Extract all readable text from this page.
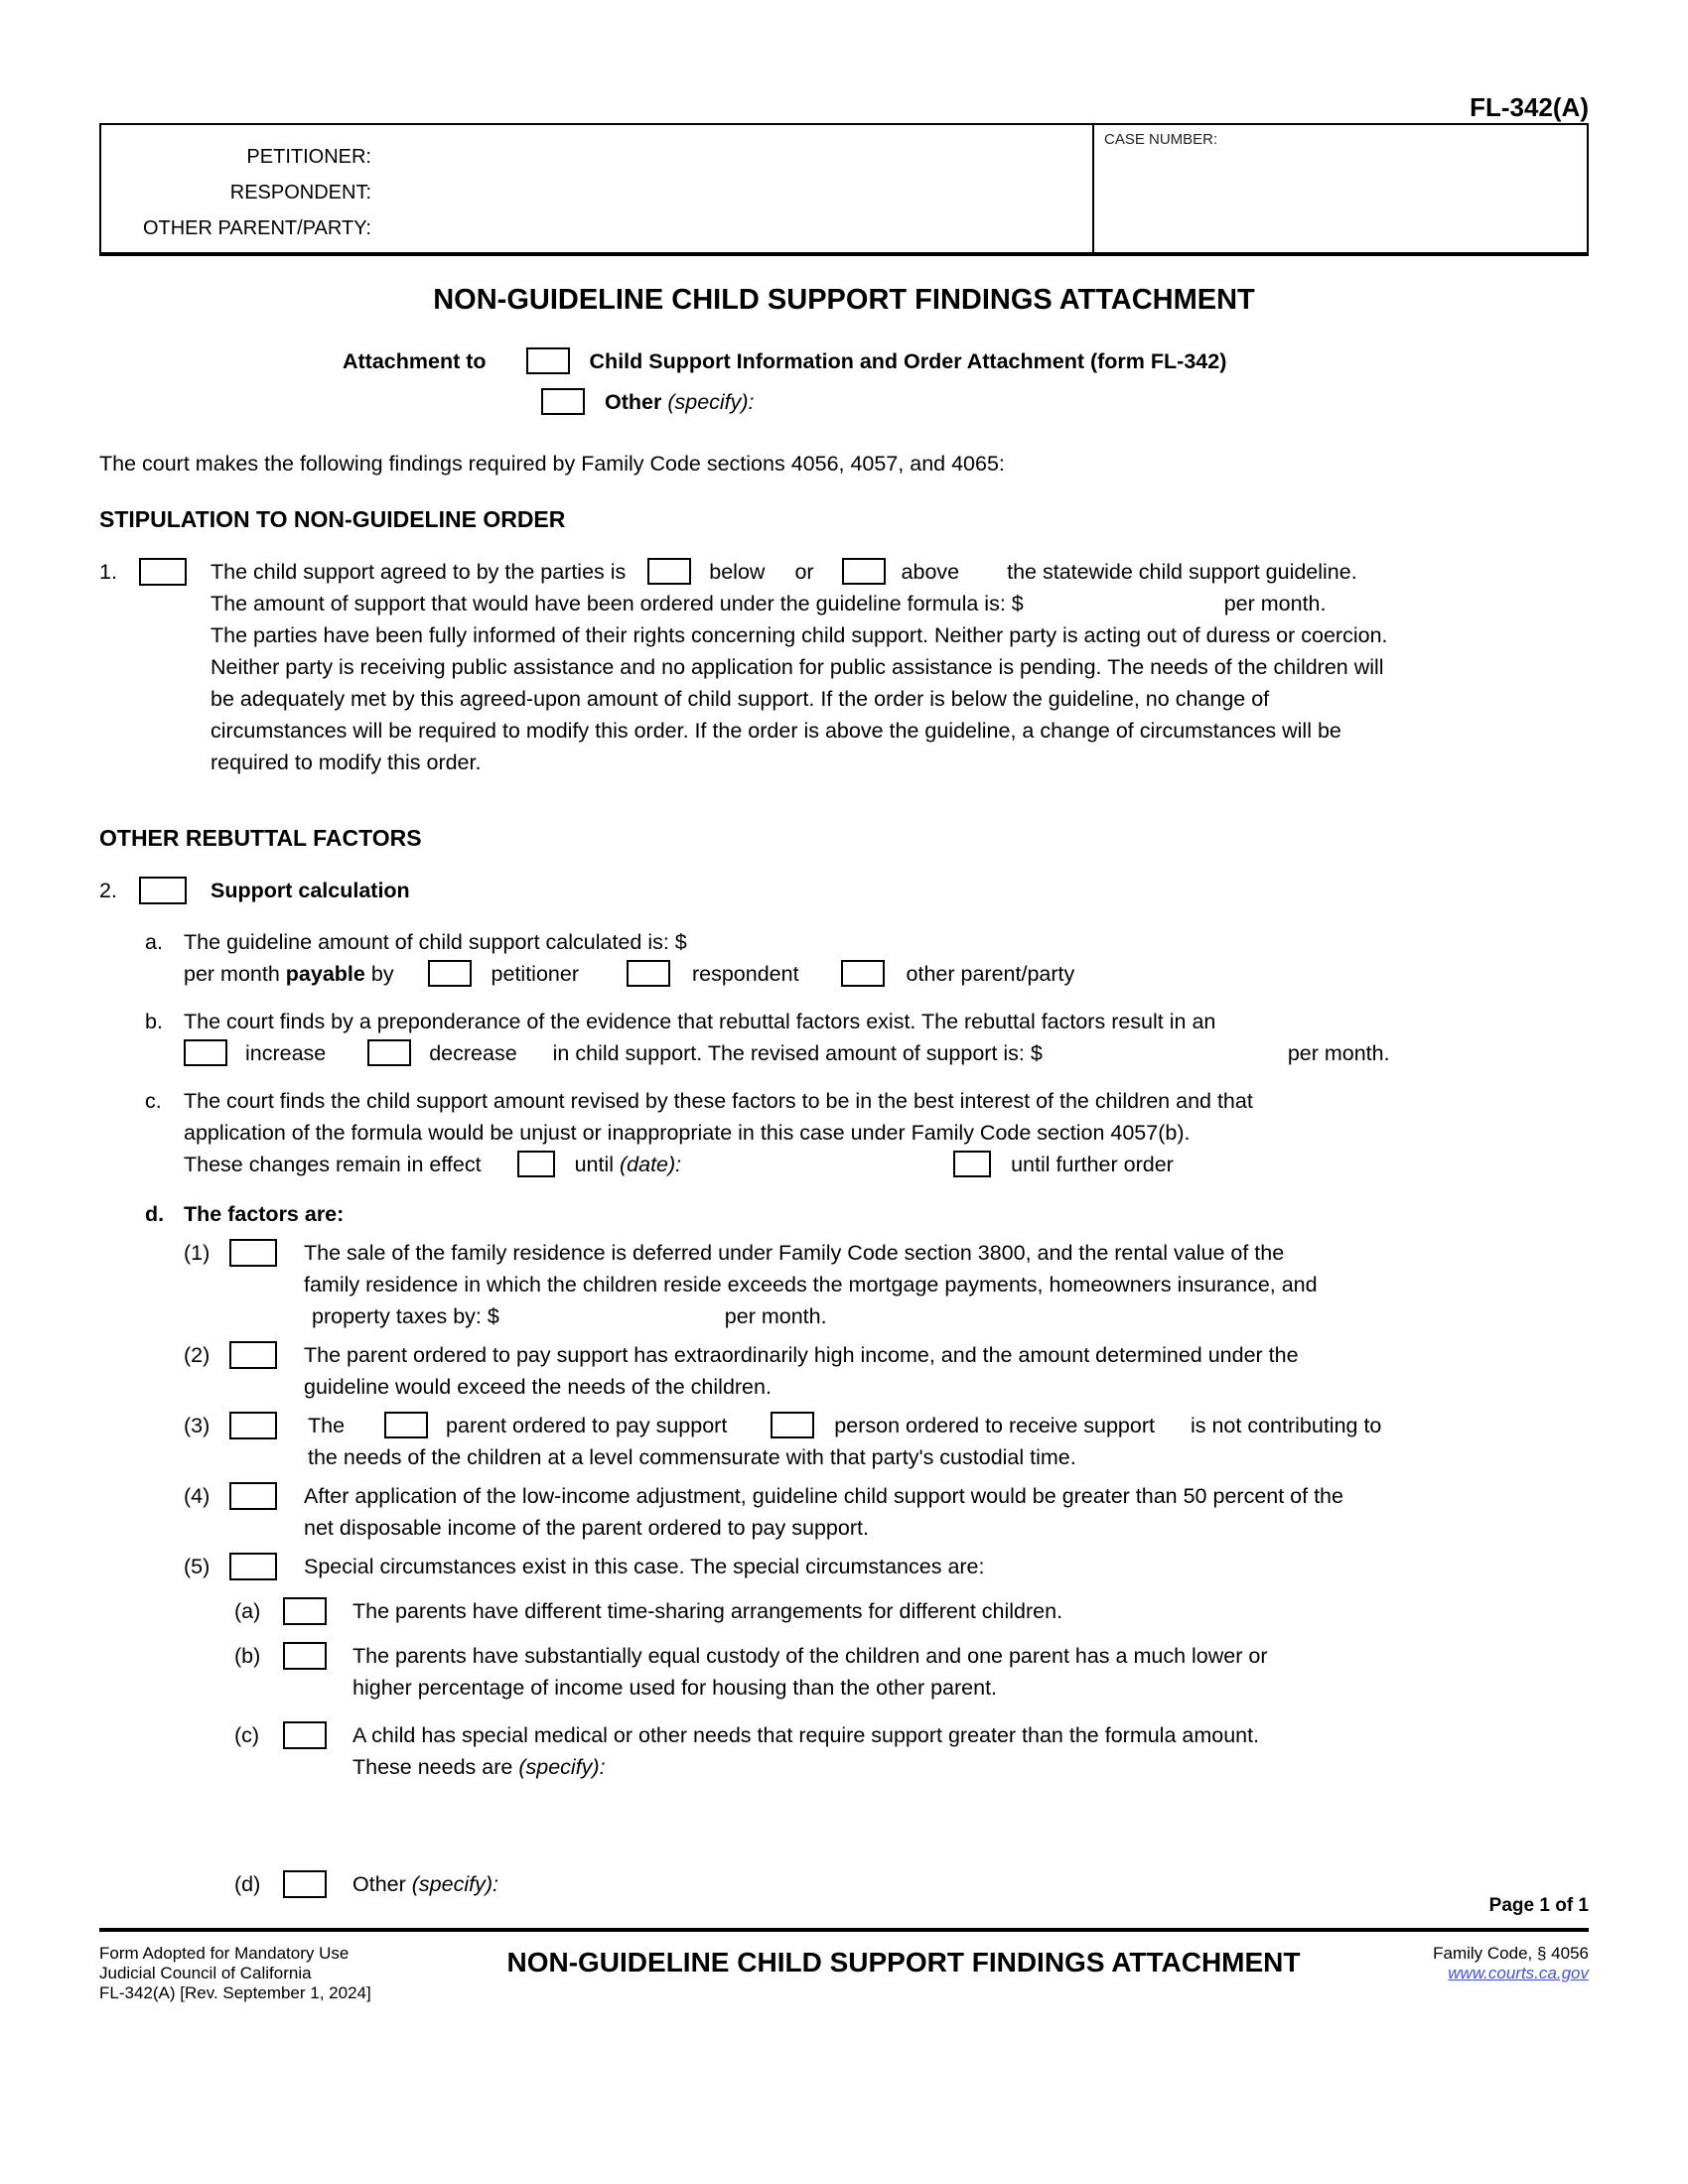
FL-342(A)
PETITIONER:
RESPONDENT:
OTHER PARENT/PARTY:
CASE NUMBER:
NON-GUIDELINE CHILD SUPPORT FINDINGS ATTACHMENT
Attachment to	Child Support Information and Order Attachment (form FL-342)
Other (specify):
The court makes the following findings required by Family Code sections 4056, 4057, and 4065:
STIPULATION TO NON-GUIDELINE ORDER
1.	The child support agreed to by the parties is	below or	above the statewide child support guideline.
The amount of support that would have been ordered under the guideline formula is: $	per month.
The parties have been fully informed of their rights concerning child support. Neither party is acting out of duress or coercion.
Neither party is receiving public assistance and no application for public assistance is pending. The needs of the children will
be adequately met by this agreed-upon amount of child support. If the order is below the guideline, no change of
circumstances will be required to modify this order. If the order is above the guideline, a change of circumstances will be
required to modify this order.
OTHER REBUTTAL FACTORS
2.	Support calculation
a. The guideline amount of child support calculated is: $
per month payable by	petitioner	respondent	other parent/party
b. The court finds by a preponderance of the evidence that rebuttal factors exist. The rebuttal factors result in an
increase	decrease in child support. The revised amount of support is: $	per month.
c.	The court finds the child support amount revised by these factors to be in the best interest of the children and that
application of the formula would be unjust or inappropriate in this case under Family Code section 4057(b).
These changes remain in effect	until (date):	until further order
d. The factors are:
(1)	The sale of the family residence is deferred under Family Code section 3800, and the rental value of the
family residence in which the children reside exceeds the mortgage payments, homeowners insurance, and
property taxes by: $	per month.
(2)	The parent ordered to pay support has extraordinarily high income, and the amount determined under the
guideline would exceed the needs of the children.
(3)	The	parent ordered to pay support	person ordered to receive support is not contributing to
the needs of the children at a level commensurate with that party's custodial time.
(4)	After application of the low-income adjustment, guideline child support would be greater than 50 percent of the
net disposable income of the parent ordered to pay support.
(5)	Special circumstances exist in this case. The special circumstances are:
(a)	The parents have different time-sharing arrangements for different children.
(b)	The parents have substantially equal custody of the children and one parent has a much lower or
higher percentage of income used for housing than the other parent.
(c)	A child has special medical or other needs that require support greater than the formula amount.
These needs are (specify):
(d)	Other (specify):
Page 1 of 1
Form Adopted for Mandatory Use
Judicial Council of California
FL-342(A) [Rev. September 1, 2024]
NON-GUIDELINE CHILD SUPPORT FINDINGS ATTACHMENT	Family Code, § 4056
www.courts.ca.gov
